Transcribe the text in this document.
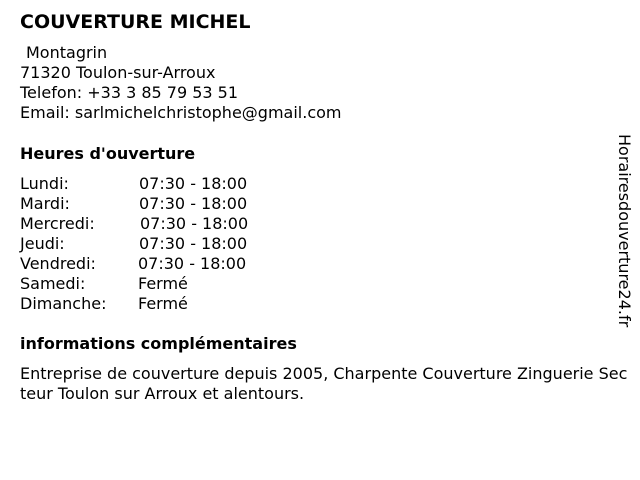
COUVERTURE MICHEL
Montagrin
71320 Toulon-sur-Arroux
Telefon: +33 3 85 79 53 51
Email: sarlmichelchristophe@gmail.com
Heures d'ouverture
Lundi:	07:30 - 18:00
Mardi:	07:30 - 18:00
Mercredi:	07:30 - 18:00
Jeudi:	07:30 - 18:00
Vendredi:	07:30 - 18:00
Samedi:	Fermé
Dimanche: Fermé
informations complémentaires
Entreprise de couverture depuis 2005, Charpente Couverture Zinguerie Secteur Toulon sur Arroux et alentours.
Horairesdouverture24.fr
